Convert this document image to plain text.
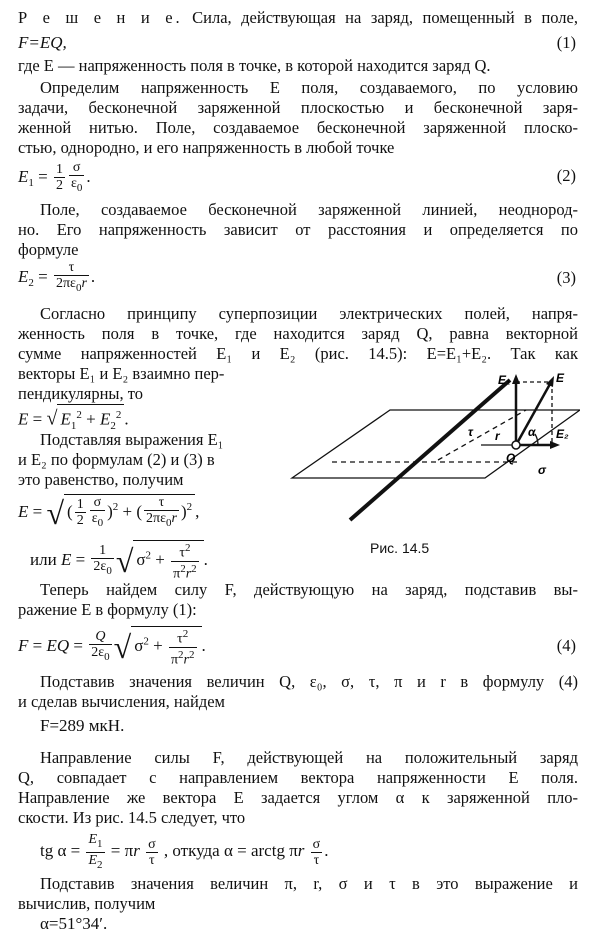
Р е ш е н и е. Сила, действующая на заряд, помещенный в поле,
F=EQ,	(1)
где E — напряженность поля в точке, в которой находится заряд Q.
Определим напряженность E поля, создаваемого, по условию
задачи, бесконечной заряженной плоскостью и бесконечной заря-
женной нитью. Поле, создаваемое бесконечной заряженной плоско-
стью, однородно, и его напряженность в любой точке
$E_1 = \frac{1}{2} \frac{\sigma}{\varepsilon_0}$ .	(2)
Поле, создаваемое бесконечной заряженной линией, неоднород-
но. Его напряженность зависит от расстояния и определяется по
формуле
$E_2 = \frac{\tau}{2\pi\varepsilon_0r}$ .	(3)
Согласно принципу суперпозиции электрических полей, напря-
женность поля в точке, где находится заряд Q, равна векторной
сумме напряженностей E₁ и E₂ (рис. 14.5): E=E₁+E₂. Так как
векторы E₁ и E₂ взаимно пер-
пендикулярны, то
E = √ $E_1^2 + E_2^2$ .
Подставляя выражения E₁
и E₂ по формулам (2) и (3) в
это равенство, получим
E = √ ( $\frac{1}{2} \frac{\sigma}{\varepsilon_0} )^2$ + ( $\frac{\tau}{2\pi\varepsilon_0r} )^2$ ,
или $E = \frac{1}{2\varepsilon_0}$ √ $\sigma^2 + \frac{\tau^2}{\pi^2r^2}$ .
E₁	E
E₂
τ r α
Q
σ
Рис. 14.5
Теперь найдем силу F, действующую на заряд, подставив вы-
ражение E в формулу (1):
F = EQ = $\frac{Q}{2\varepsilon_0}$ √ $\sigma^2 + \frac{\tau^2}{\pi^2r^2}$ .	(4)
Подставив значения величин Q, ε₀, σ, τ, π и r в формулу (4)
и сделав вычисления, найдем
F=289 мкН.
Направление силы F, действующей на положительный заряд
Q, совпадает с направлением вектора напряженности E поля.
Направление же вектора E задается углом α к заряженной пло-
скости. Из рис. 14.5 следует, что
tg $\alpha = \frac{E_1}{E_2} = \pi r \frac{\sigma}{\tau}$ , откуда α = arctg πr $\frac{\sigma}{\tau}$ .
Подставив значения величин π, r, σ и τ в это выражение и
вычислив, получим
α=51°34′.
